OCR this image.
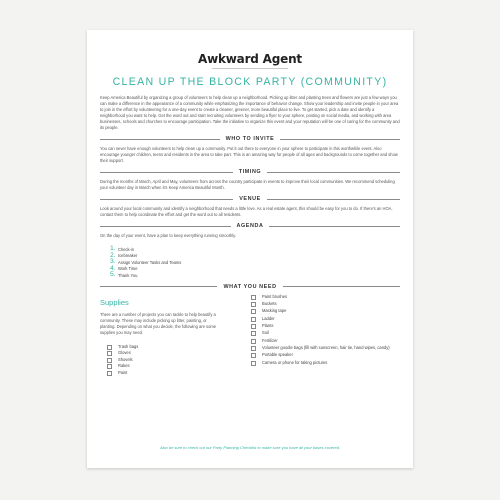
Awkward Agent
CLEAN UP THE BLOCK PARTY (COMMUNITY)

Keep America Beautiful by organizing a group of volunteers to help clean up a neighborhood. Picking up litter and planting trees and flowers are just a few ways you can make a difference in the appearance of a community while emphasizing the importance of behavior change. Show your leadership and invite people in your area to join in the effort by volunteering for a one-day event to create a cleaner, greener, more beautiful place to live. To get started, pick a date and identify a neighborhood you want to help. Get the word out and start recruiting volunteers by sending a flyer to your sphere, posting on social media, and working with area businesses, schools and churches to encourage participation. Take the initiative to organize this event and your reputation will be one of caring for the community and its people.

WHO TO INVITE

You can never have enough volunteers to help clean up a community. Put it out there to everyone in your sphere to participate in this worthwhile event. Also encourage younger children, teens and residents in the area to take part. This is an amazing way for people of all ages and backgrounds to come together and show their support.

TIMING

During the months of March, April and May, volunteers from across the country participate in events to improve their local communities. We recommend scheduling your volunteer day in March when it's Keep America Beautiful Month.

VENUE

Look around your local community and identify a neighborhood that needs a little love. As a real estate agent, this should be easy for you to do. If there's an HOA, contact them to help coordinate the effort and get the word out to all residents.

AGENDA

On the day of your event, have a plan to keep everything running smoothly.

1. Check-in
2. Icebreaker
3. Assign Volunteer Tasks and Teams
4. Work Time
5. Thank You
WHAT YOU NEED
Supplies

There are a number of projects you can tackle to help beautify a community. These may include picking up litter, painting, or planting. Depending on what you decide, the following are some supplies you may need.

Trash bags
Gloves
Shovels
Rakes
Paint
Paint brushes
Buckets
Masking tape
Ladder
Plants
Soil
Fertilizer
Volunteer goodie bags (fill with sunscreen, hair tie, hand wipes, candy)
Portable speaker
Camera or phone for taking pictures
Also be sure to check out our Party Planning Checklist to make sure you have all your bases covered.
